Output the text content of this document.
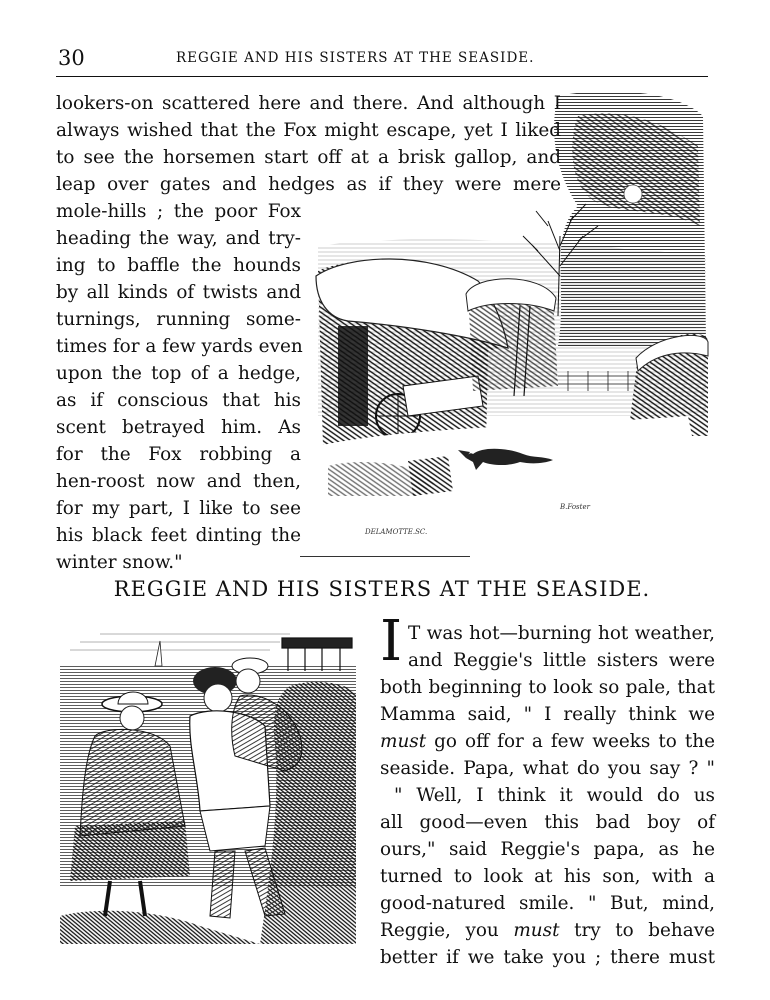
30	REGGIE AND HIS SISTERS AT THE SEASIDE.
DELAMOTTE.SC.
B.Foster
lookers-on scattered here and there. And although I
always wished that the Fox might escape, yet I liked
to see the horsemen start off at a brisk gallop, and
leap over gates and hedges as if they were mere
mole-hills ; the poor Fox
heading the way, and try-
ing to baffle the hounds
by all kinds of twists and
turnings, running some-
times for a few yards even
upon the top of a hedge,
as if conscious that his
scent betrayed him. As
for the Fox robbing a
hen-roost now and then,
for my part, I like to see
his black feet dinting the
winter snow."
REGGIE AND HIS SISTERS AT THE SEASIDE.
I T was hot—burning hot weather,
and Reggie's little sisters were
both beginning to look so pale, that
Mamma said, " I really think we
must go off for a few weeks to the
seaside. Papa, what do you say ? "
" Well, I think it would do us
all good—even this bad boy of
ours," said Reggie's papa, as he
turned to look at his son, with a
good-natured smile. " But, mind,
Reggie, you must try to behave
better if we take you ; there must
